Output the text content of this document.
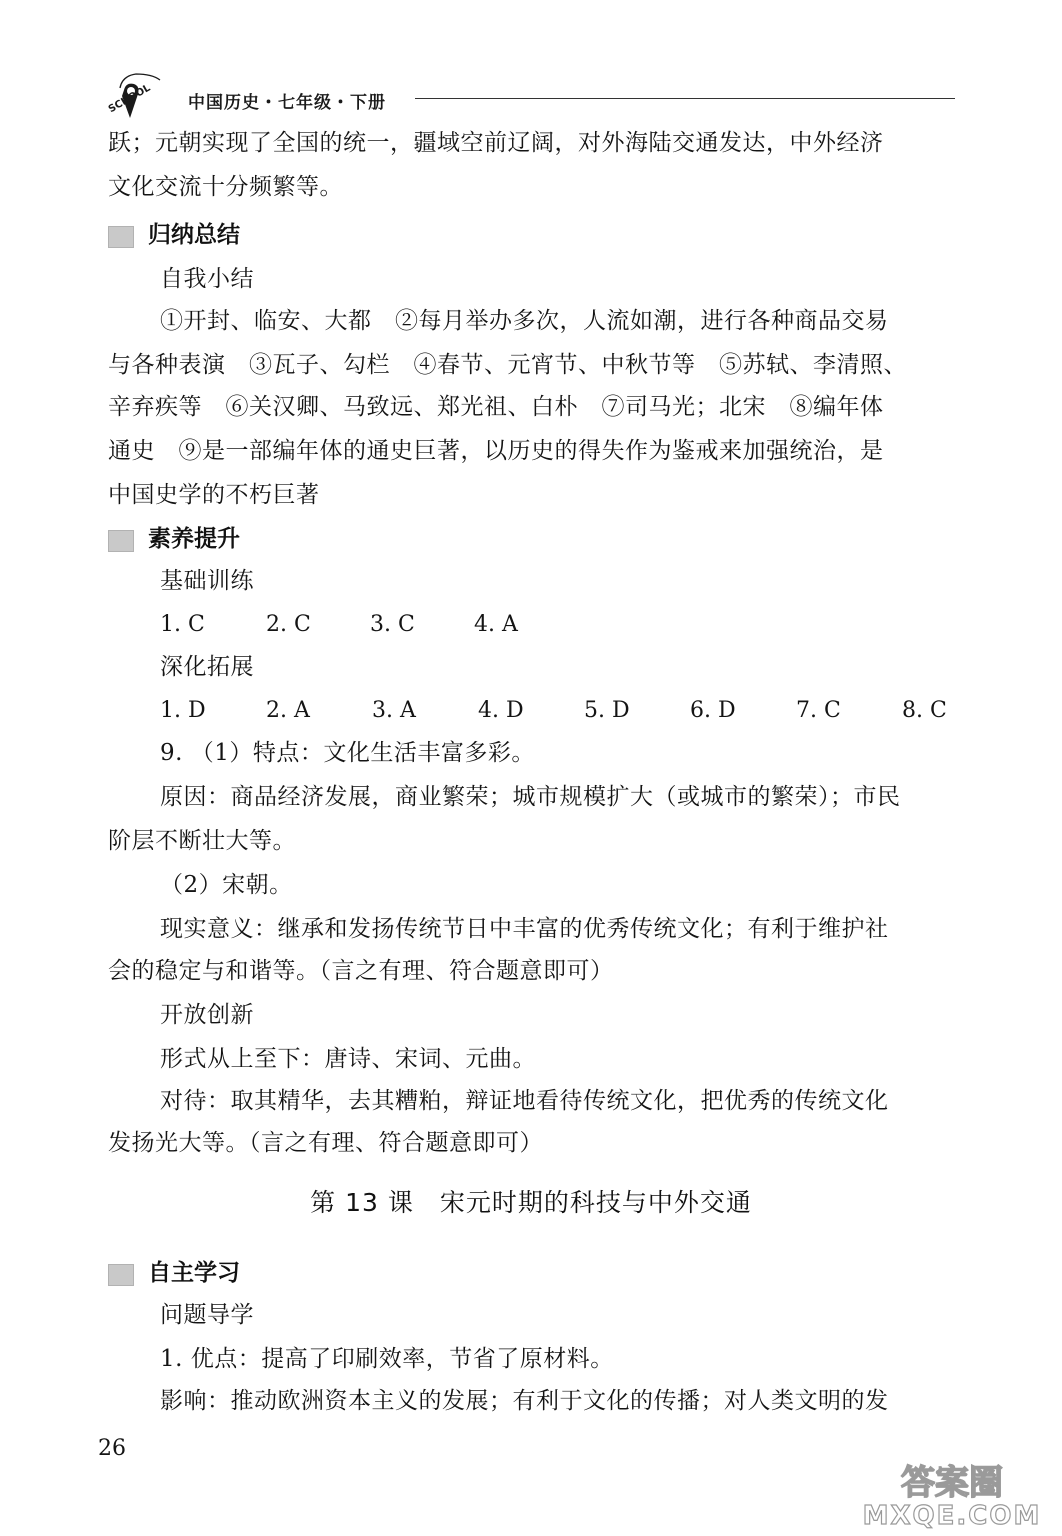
SCHOOL 中国历史・七年级・下册
跃；元朝实现了全国的统一，疆域空前辽阔，对外海陆交通发达，中外经济
文化交流十分频繁等。
归纳总结
自我小结
①开封、临安、大都　②每月举办多次，人流如潮，进行各种商品交易
与各种表演　③瓦子、勾栏　④春节、元宵节、中秋节等　⑤苏轼、李清照、
辛弃疾等　⑥关汉卿、马致远、郑光祖、白朴　⑦司马光；北宋　⑧编年体
通史　⑨是一部编年体的通史巨著，以历史的得失作为鉴戒来加强统治，是
中国史学的不朽巨著
素养提升
基础训练
1. C	2. C	3. C	4. A
深化拓展
1. D	2. A	3. A	4. D	5. D	6. D	7. C	8. C
9. （1）特点：文化生活丰富多彩。
原因：商品经济发展，商业繁荣；城市规模扩大（或城市的繁荣）；市民
阶层不断壮大等。
（2）宋朝。
现实意义：继承和发扬传统节日中丰富的优秀传统文化；有利于维护社
会的稳定与和谐等。（言之有理、符合题意即可）
开放创新
形式从上至下：唐诗、宋词、元曲。
对待：取其精华，去其糟粕，辩证地看待传统文化，把优秀的传统文化
发扬光大等。（言之有理、符合题意即可）
第 13 课　宋元时期的科技与中外交通
自主学习
问题导学
1. 优点：提高了印刷效率，节省了原材料。
影响：推动欧洲资本主义的发展；有利于文化的传播；对人类文明的发
26
答案圈
MXQE.COM
